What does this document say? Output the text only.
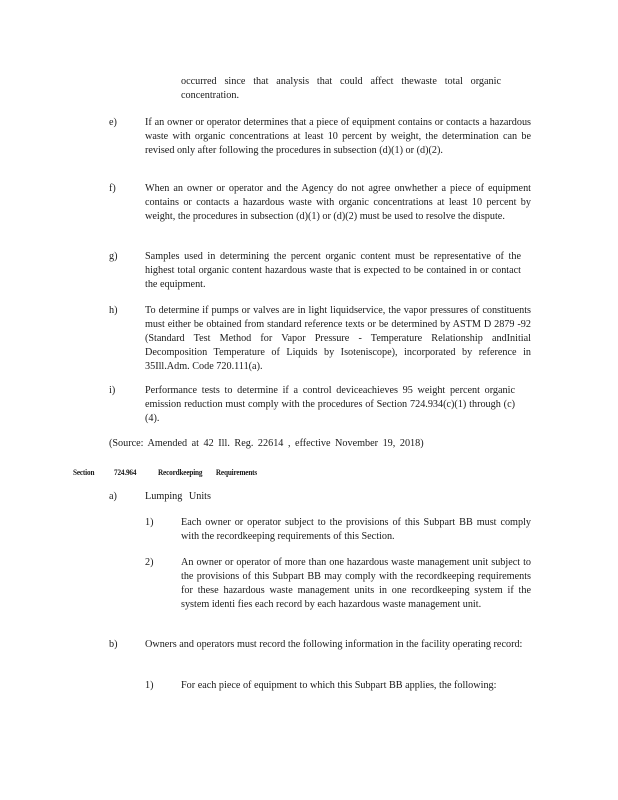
occurred since that analysis that could affect thewaste total organic concentration.
e)	If an owner or operator determines that a piece of equipment contains or contacts a hazardous waste with organic concentrations at least 10 percent by weight, the determination can be revised only after following the procedures in subsection (d)(1) or (d)(2).
f)	When an owner or operator and the Agency do not agree onwhether a piece of equipment contains or contacts a hazardous waste with organic concentrations at least 10 percent by weight, the procedures in subsection (d)(1) or (d)(2) must be used to resolve the dispute.
g)	Samples used in determining the percent organic content must be representative of the highest total organic content hazardous waste that is expected to be contained in or contact the equipment.
h)	To determine if pumps or valves are in light liquidservice, the vapor pressures of constituents must either be obtained from standard reference texts or be determined by ASTM D 2879 -92 (Standard Test Method for Vapor Pressure - Temperature Relationship andInitial Decomposition Temperature of Liquids by Isoteniscope), incorporated by reference in 35Ill.Adm. Code 720.111(a).
i)	Performance tests to determine if a control deviceachieves 95 weight percent organic emission reduction must comply with the procedures of Section 724.934(c)(1) through (c)(4).
(Source: Amended at 42 Ill. Reg. 22614 , effective November 19, 2018)
Section 724.964	Recordkeeping Requirements
a)	Lumping Units
1)	Each owner or operator subject to the provisions of this Subpart BB must comply with the recordkeeping requirements of this Section.
2)	An owner or operator of more than one hazardous waste management unit subject to the provisions of this Subpart BB may comply with the recordkeeping requirements for these hazardous waste management units in one recordkeeping system if the system identi fies each record by each hazardous waste management unit.
b)	Owners and operators must record the following information in the facility operating record:
1)	For each piece of equipment to which this Subpart BB applies, the following:
